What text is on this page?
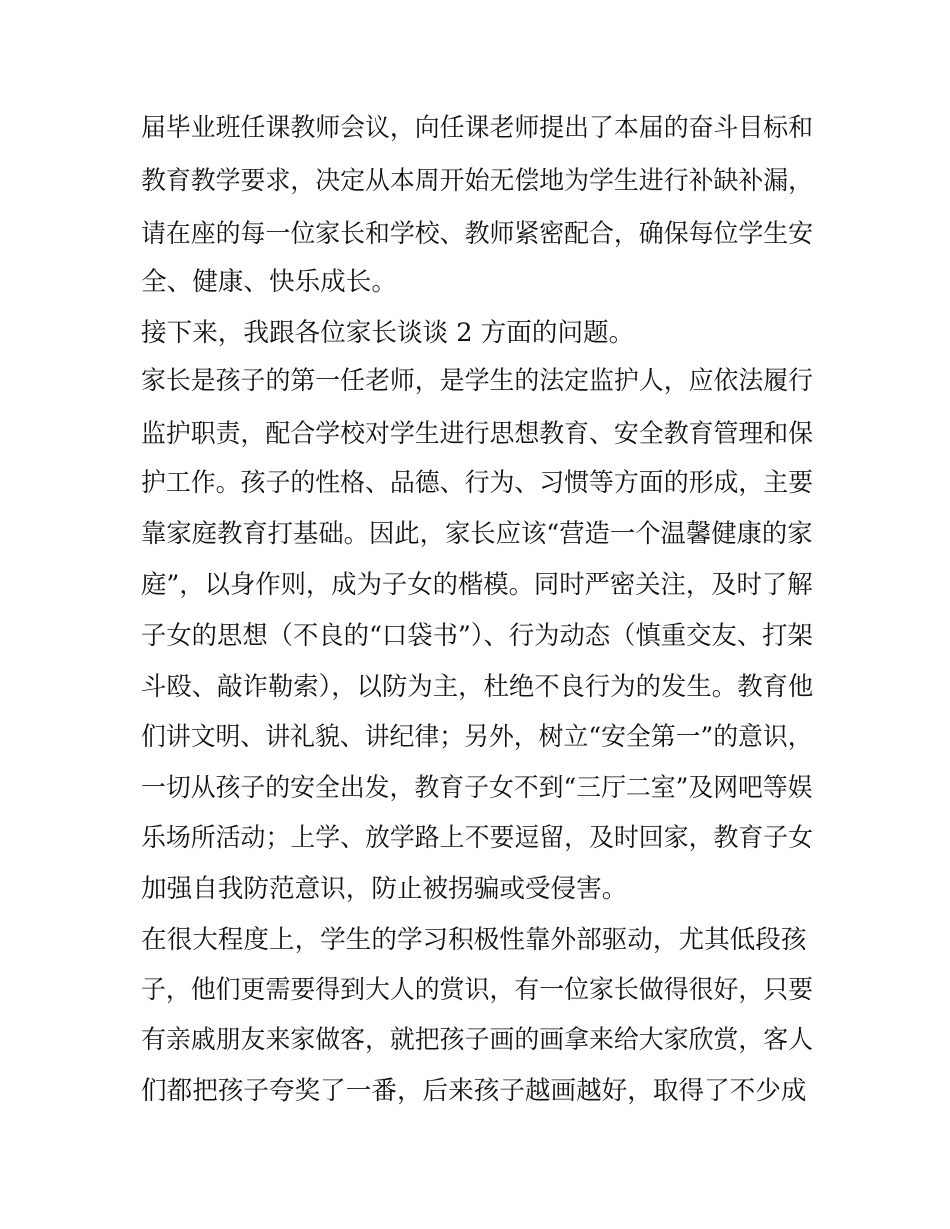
届毕业班任课教师会议，向任课老师提出了本届的奋斗目标和
教育教学要求，决定从本周开始无偿地为学生进行补缺补漏，
请在座的每一位家长和学校、教师紧密配合，确保每位学生安
全、健康、快乐成长。
接下来，我跟各位家长谈谈 2 方面的问题。
家长是孩子的第一任老师，是学生的法定监护人，应依法履行
监护职责，配合学校对学生进行思想教育、安全教育管理和保
护工作。孩子的性格、品德、行为、习惯等方面的形成，主要
靠家庭教育打基础。因此，家长应该“营造一个温馨健康的家
庭”，以身作则，成为子女的楷模。同时严密关注，及时了解
子女的思想（不良的“口袋书”）、行为动态（慎重交友、打架
斗殴、敲诈勒索），以防为主，杜绝不良行为的发生。教育他
们讲文明、讲礼貌、讲纪律；另外，树立“安全第一”的意识，
一切从孩子的安全出发，教育子女不到“三厅二室”及网吧等娱
乐场所活动；上学、放学路上不要逗留，及时回家，教育子女
加强自我防范意识，防止被拐骗或受侵害。
在很大程度上，学生的学习积极性靠外部驱动，尤其低段孩
子，他们更需要得到大人的赏识，有一位家长做得很好，只要
有亲戚朋友来家做客，就把孩子画的画拿来给大家欣赏，客人
们都把孩子夸奖了一番，后来孩子越画越好，取得了不少成
